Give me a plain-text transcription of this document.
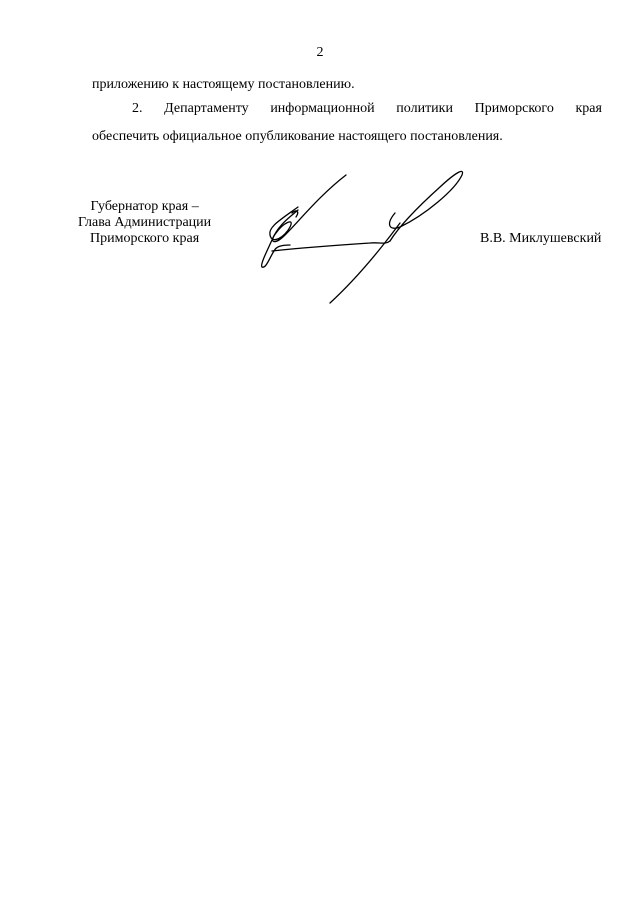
2
приложению к настоящему постановлению.
2. Департаменту информационной политики Приморского края
обеспечить официальное опубликование настоящего постановления.
Губернатор края –
Глава Администрации
Приморского края	В.В. Миклушевский
